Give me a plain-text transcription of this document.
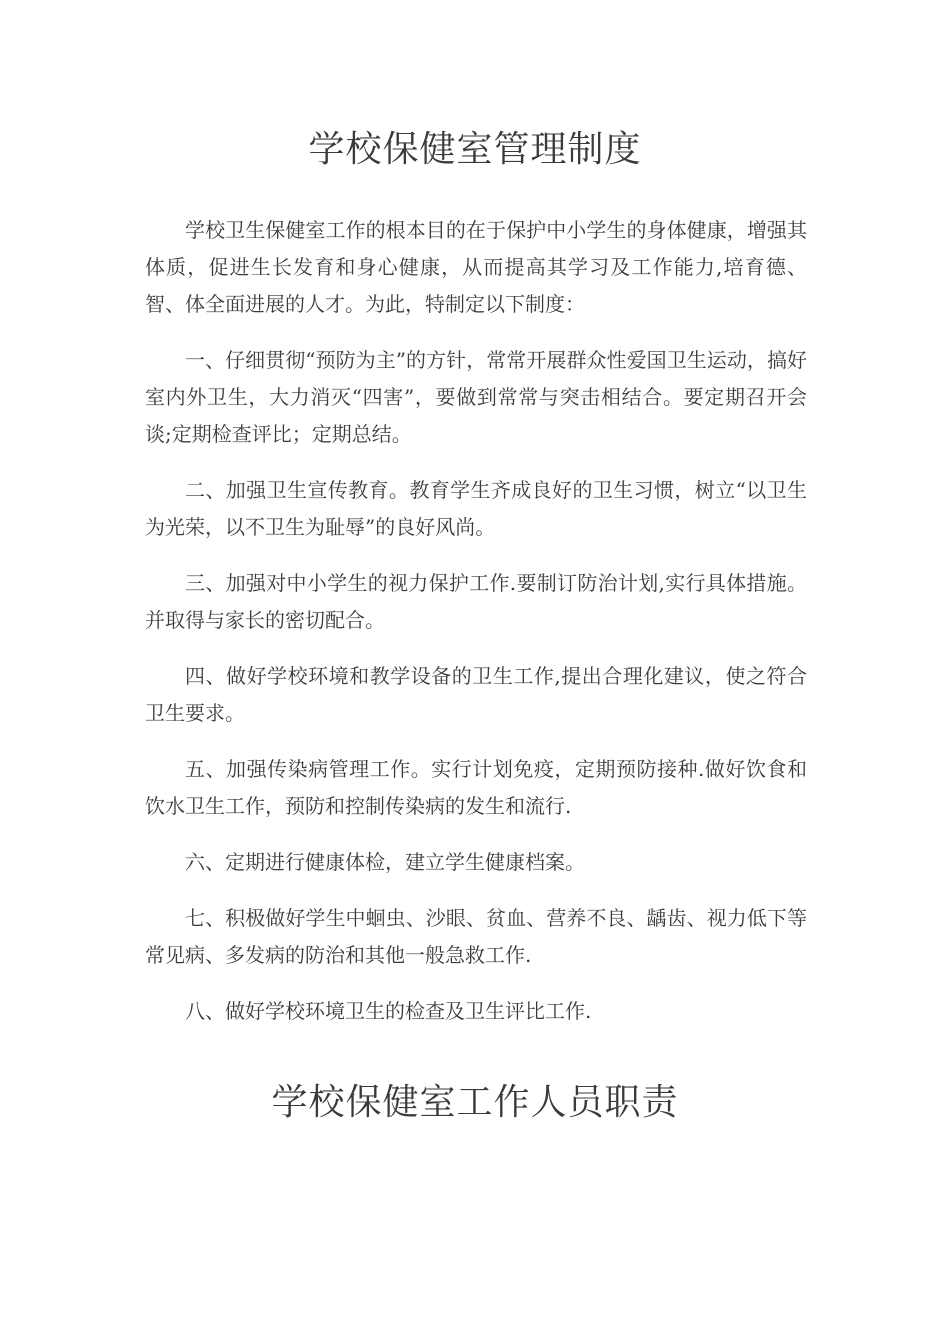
学校保健室管理制度

学校卫生保健室工作的根本目的在于保护中小学生的身体健康，增强其体质，促进生长发育和身心健康，从而提高其学习及工作能力,培育德、智、体全面进展的人才。为此，特制定以下制度：

一、仔细贯彻“预防为主”的方针，常常开展群众性爱国卫生运动，搞好室内外卫生，大力消灭“四害”，要做到常常与突击相结合。要定期召开会谈;定期检查评比；定期总结。

二、加强卫生宣传教育。教育学生齐成良好的卫生习惯，树立“以卫生为光荣，以不卫生为耻辱”的良好风尚。

三、加强对中小学生的视力保护工作.要制订防治计划,实行具体措施。并取得与家长的密切配合。

四、做好学校环境和教学设备的卫生工作,提出合理化建议，使之符合卫生要求。

五、加强传染病管理工作。实行计划免疫，定期预防接种.做好饮食和饮水卫生工作，预防和控制传染病的发生和流行.

六、定期进行健康体检，建立学生健康档案。

七、积极做好学生中蛔虫、沙眼、贫血、营养不良、龋齿、视力低下等常见病、多发病的防治和其他一般急救工作.

八、做好学校环境卫生的检查及卫生评比工作.

学校保健室工作人员职责
